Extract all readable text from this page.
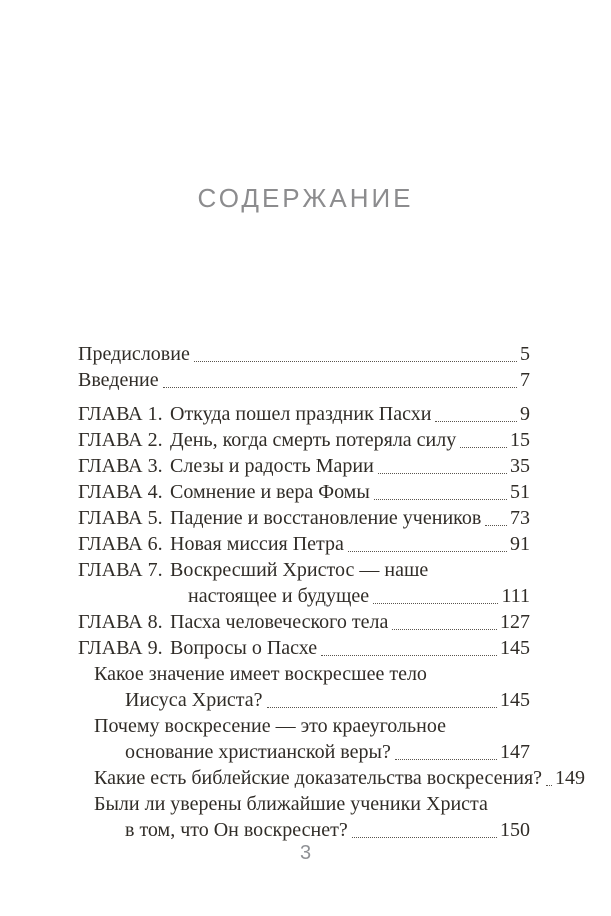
СОДЕРЖАНИЕ
Предисловие	5
Введение	7
ГЛАВА 1. Откуда пошел праздник Пасхи	9
ГЛАВА 2. День, когда смерть потеряла силу	15
ГЛАВА 3. Слезы и радость Марии	35
ГЛАВА 4. Сомнение и вера Фомы	51
ГЛАВА 5. Падение и восстановление учеников 73
ГЛАВА 6. Новая миссия Петра	91
ГЛАВА 7. Воскресший Христос — наше
настоящее и будущее	111
ГЛАВА 8. Пасха человеческого тела	127
ГЛАВА 9. Вопросы о Пасхе	145
Какое значение имеет воскресшее тело
Иисуса Христа?	145
Почему воскресение — это краеугольное
основание христианской веры?	147
Какие есть библейские доказательства воскресения? 149
Были ли уверены ближайшие ученики Христа
в том, что Он воскреснет?	150
3
